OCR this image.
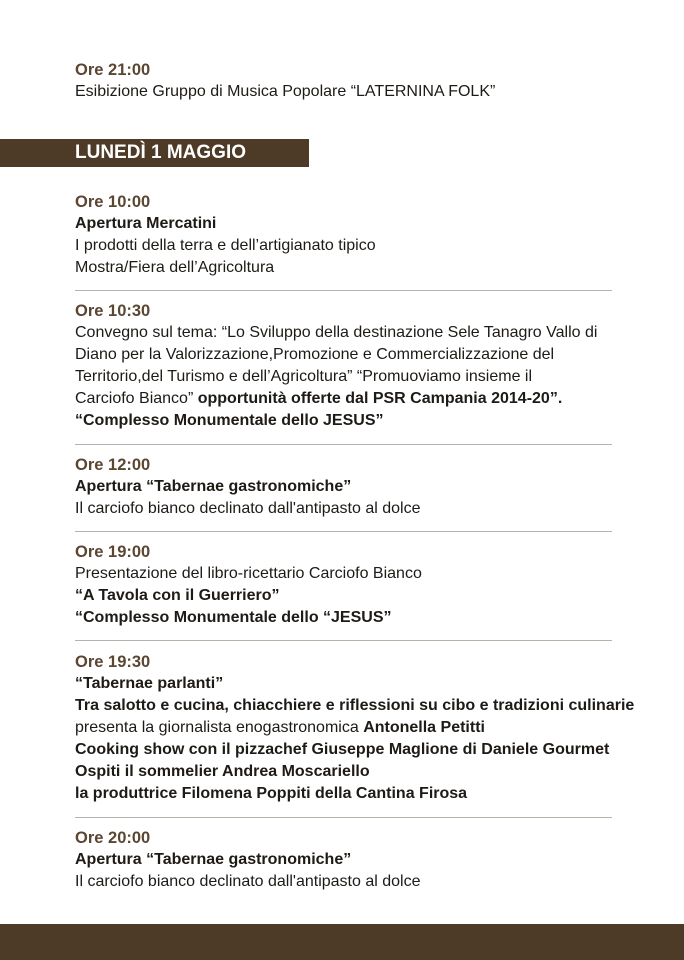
Ore 21:00
Esibizione Gruppo di Musica Popolare “LATERNINA FOLK”
LUNEDÌ 1 MAGGIO
Ore 10:00
Apertura Mercatini
I prodotti della terra e dell’artigianato tipico
Mostra/Fiera dell’Agricoltura
Ore 10:30
Convegno sul tema: “Lo Sviluppo della destinazione Sele Tanagro Vallo di
Diano per la Valorizzazione,Promozione e Commercializzazione del
Territorio,del Turismo e dell’Agricoltura” “Promuoviamo insieme il
Carciofo Bianco” opportunità offerte dal PSR Campania 2014-20”.
“Complesso Monumentale dello JESUS”
Ore 12:00
Apertura “Tabernae gastronomiche”
Il carciofo bianco declinato dall'antipasto al dolce
Ore 19:00
Presentazione del libro-ricettario Carciofo Bianco
“A Tavola con il Guerriero”
“Complesso Monumentale dello “JESUS”
Ore 19:30
“Tabernae parlanti”
Tra salotto e cucina, chiacchiere e riflessioni su cibo e tradizioni culinarie
presenta la giornalista enogastronomica Antonella Petitti
Cooking show con il pizzachef Giuseppe Maglione di Daniele Gourmet
Ospiti il sommelier Andrea Moscariello
la produttrice Filomena Poppiti della Cantina Firosa
Ore 20:00
Apertura “Tabernae gastronomiche”
Il carciofo bianco declinato dall'antipasto al dolce
